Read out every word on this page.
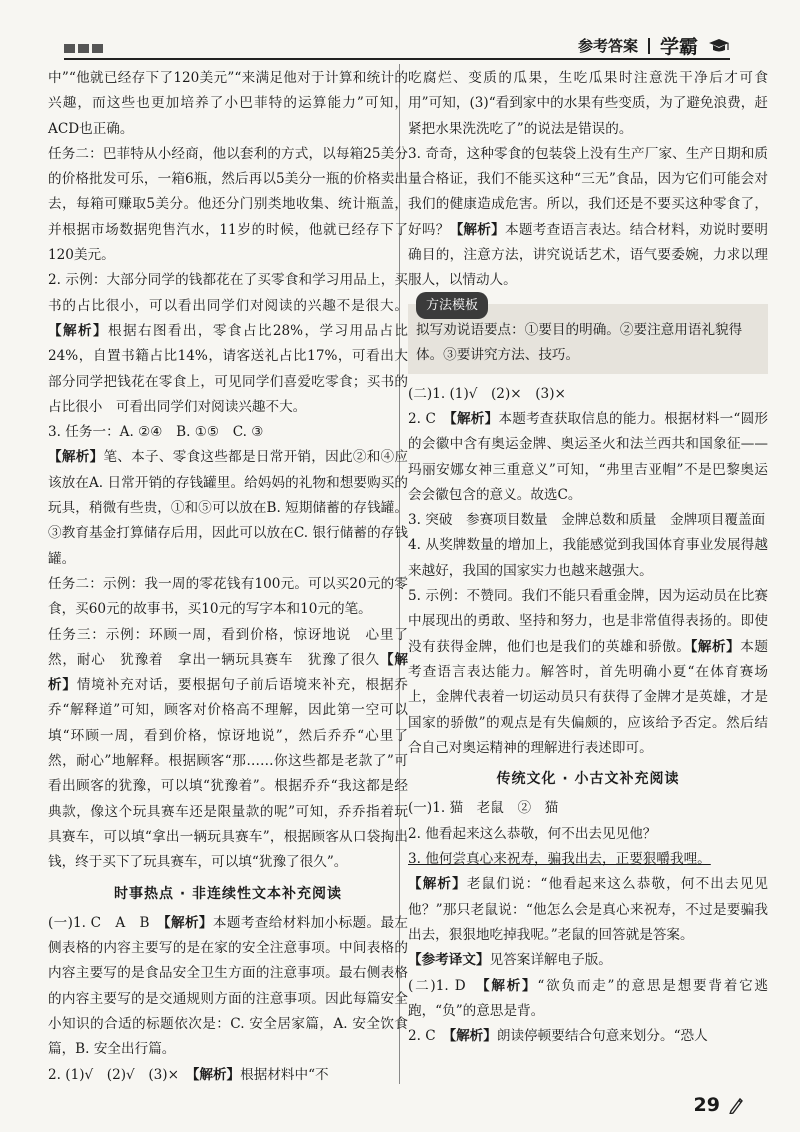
参考答案 学霸

中”“他就已经存下了120美元”“来满足他对于计算和统计的兴趣，而这些也更加培养了小巴菲特的运算能力”可知，ACD也正确。

任务二：巴菲特从小经商，他以套利的方式，以每箱25美分的价格批发可乐，一箱6瓶，然后再以5美分一瓶的价格卖出去，每箱可赚取5美分。他还分门别类地收集、统计瓶盖，并根据市场数据兜售汽水，11岁的时候，他就已经存下了120美元。

2. 示例：大部分同学的钱都花在了买零食和学习用品上，买书的占比很小，可以看出同学们对阅读的兴趣不是很大。【解析】根据右图看出，零食占比28%，学习用品占比24%，自置书籍占比14%，请客送礼占比17%，可看出大部分同学把钱花在零食上，可见同学们喜爱吃零食；买书的占比很小　可看出同学们对阅读兴趣不大。

3. 任务一：A. ②④　B. ①⑤　C. ③

【解析】笔、本子、零食这些都是日常开销，因此②和④应该放在A. 日常开销的存钱罐里。给妈妈的礼物和想要购买的玩具，稍微有些贵，①和⑤可以放在B. 短期储蓄的存钱罐。③教育基金打算储存后用，因此可以放在C. 银行储蓄的存钱罐。

任务二：示例：我一周的零花钱有100元。可以买20元的零食，买60元的故事书，买10元的写字本和10元的笔。

任务三：示例：环顾一周，看到价格，惊讶地说　心里了然，耐心　犹豫着　拿出一辆玩具赛车　犹豫了很久【解析】情境补充对话，要根据句子前后语境来补充，根据乔乔“解释道”可知，顾客对价格高不理解，因此第一空可以填“环顾一周，看到价格，惊讶地说”，然后乔乔“心里了然，耐心”地解释。根据顾客“那……你这些都是老款了”可看出顾客的犹豫，可以填“犹豫着”。根据乔乔“我这都是经典款，像这个玩具赛车还是限量款的呢”可知，乔乔指着玩具赛车，可以填“拿出一辆玩具赛车”，根据顾客从口袋掏出钱，终于买下了玩具赛车，可以填“犹豫了很久”。

时事热点 · 非连续性文本补充阅读

(一)1. C　A　B　 【解析】本题考查给材料加小标题。最左侧表格的内容主要写的是在家的安全注意事项。中间表格的内容主要写的是食品安全卫生方面的注意事项。最右侧表格的内容主要写的是交通规则方面的注意事项。因此每篇安全小知识的合适的标题依次是：C. 安全居家篇，A. 安全饮食篇，B. 安全出行篇。

2. (1)√　(2)√　(3)×　 【解析】根据材料中“不

吃腐烂、变质的瓜果，生吃瓜果时注意洗干净后才可食用”可知，(3)“看到家中的水果有些变质，为了避免浪费，赶紧把水果洗洗吃了”的说法是错误的。

3. 奇奇，这种零食的包装袋上没有生产厂家、生产日期和质量合格证，我们不能买这种“三无”食品，因为它们可能会对我们的健康造成危害。所以，我们还是不要买这种零食了，好吗？【解析】本题考查语言表达。结合材料，劝说时要明确目的，注意方法，讲究说话艺术，语气要委婉，力求以理服人，以情动人。

方法模板
拟写劝说语要点：①要目的明确。②要注意用语礼貌得体。③要讲究方法、技巧。

(二)1. (1)√　(2)×　(3)×

2. C　 【解析】本题考查获取信息的能力。根据材料一“圆形的会徽中含有奥运金牌、奥运圣火和法兰西共和国象征——玛丽安娜女神三重意义”可知，“弗里吉亚帽”不是巴黎奥运会会徽包含的意义。故选C。

3. 突破　参赛项目数量　金牌总数和质量　金牌项目覆盖面

4. 从奖牌数量的增加上，我能感觉到我国体育事业发展得越来越好，我国的国家实力也越来越强大。

5. 示例：不赞同。我们不能只看重金牌，因为运动员在比赛中展现出的勇敢、坚持和努力，也是非常值得表扬的。即使没有获得金牌，他们也是我们的英雄和骄傲。【解析】本题考查语言表达能力。解答时，首先明确小夏“在体育赛场上，金牌代表着一切运动员只有获得了金牌才是英雄，才是国家的骄傲”的观点是有失偏颇的，应该给予否定。然后结合自己对奥运精神的理解进行表述即可。

传统文化 · 小古文补充阅读

(一)1. 猫　老鼠　②　猫

2. 他看起来这么恭敬，何不出去见见他？

3. 他何尝真心来祝寿，骗我出去，正要狠嚼我哩。

【解析】老鼠们说：“他看起来这么恭敬，何不出去见见他？”那只老鼠说：“他怎么会是真心来祝寿，不过是要骗我出去，狠狠地吃掉我呢。”老鼠的回答就是答案。

【参考译文】见答案详解电子版。

(二)1. D　 【解析】“欲负而走”的意思是想要背着它逃跑，“负”的意思是背。

2. C　 【解析】朗读停顿要结合句意来划分。“恐人

29
